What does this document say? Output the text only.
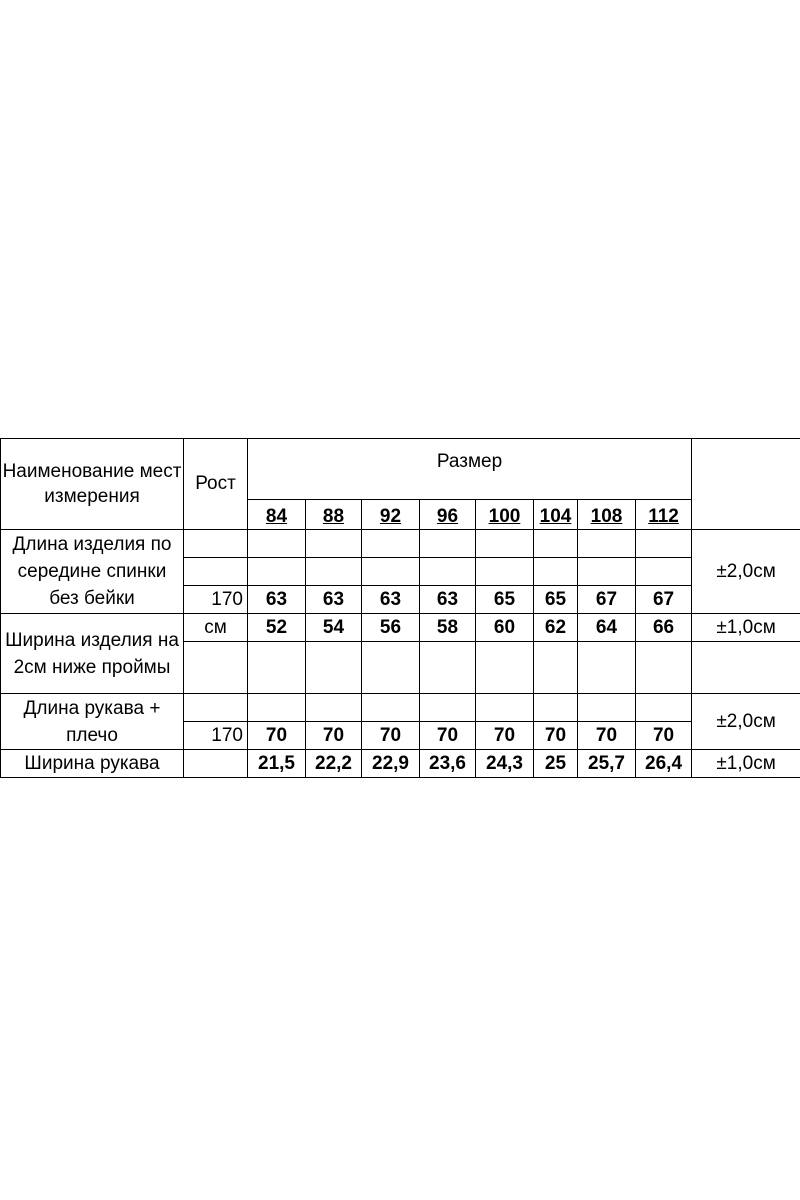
Наименование мест измерения	Рост	Размер								
		84	88	92	96	100	104	108	112	
Длина изделия по середине спинки без бейки										±2,0см

	170	63	63	63	63	65	65	67	67	
Ширина изделия на 2см ниже проймы	см	52	54	56	58	60	62	64	66	±1,0см

Длина рукава + плечо										±2,0см
	170	70	70	70	70	70	70	70	70	
Ширина рукава		21,5	22,2	22,9	23,6	24,3	25	25,7	26,4	±1,0см
